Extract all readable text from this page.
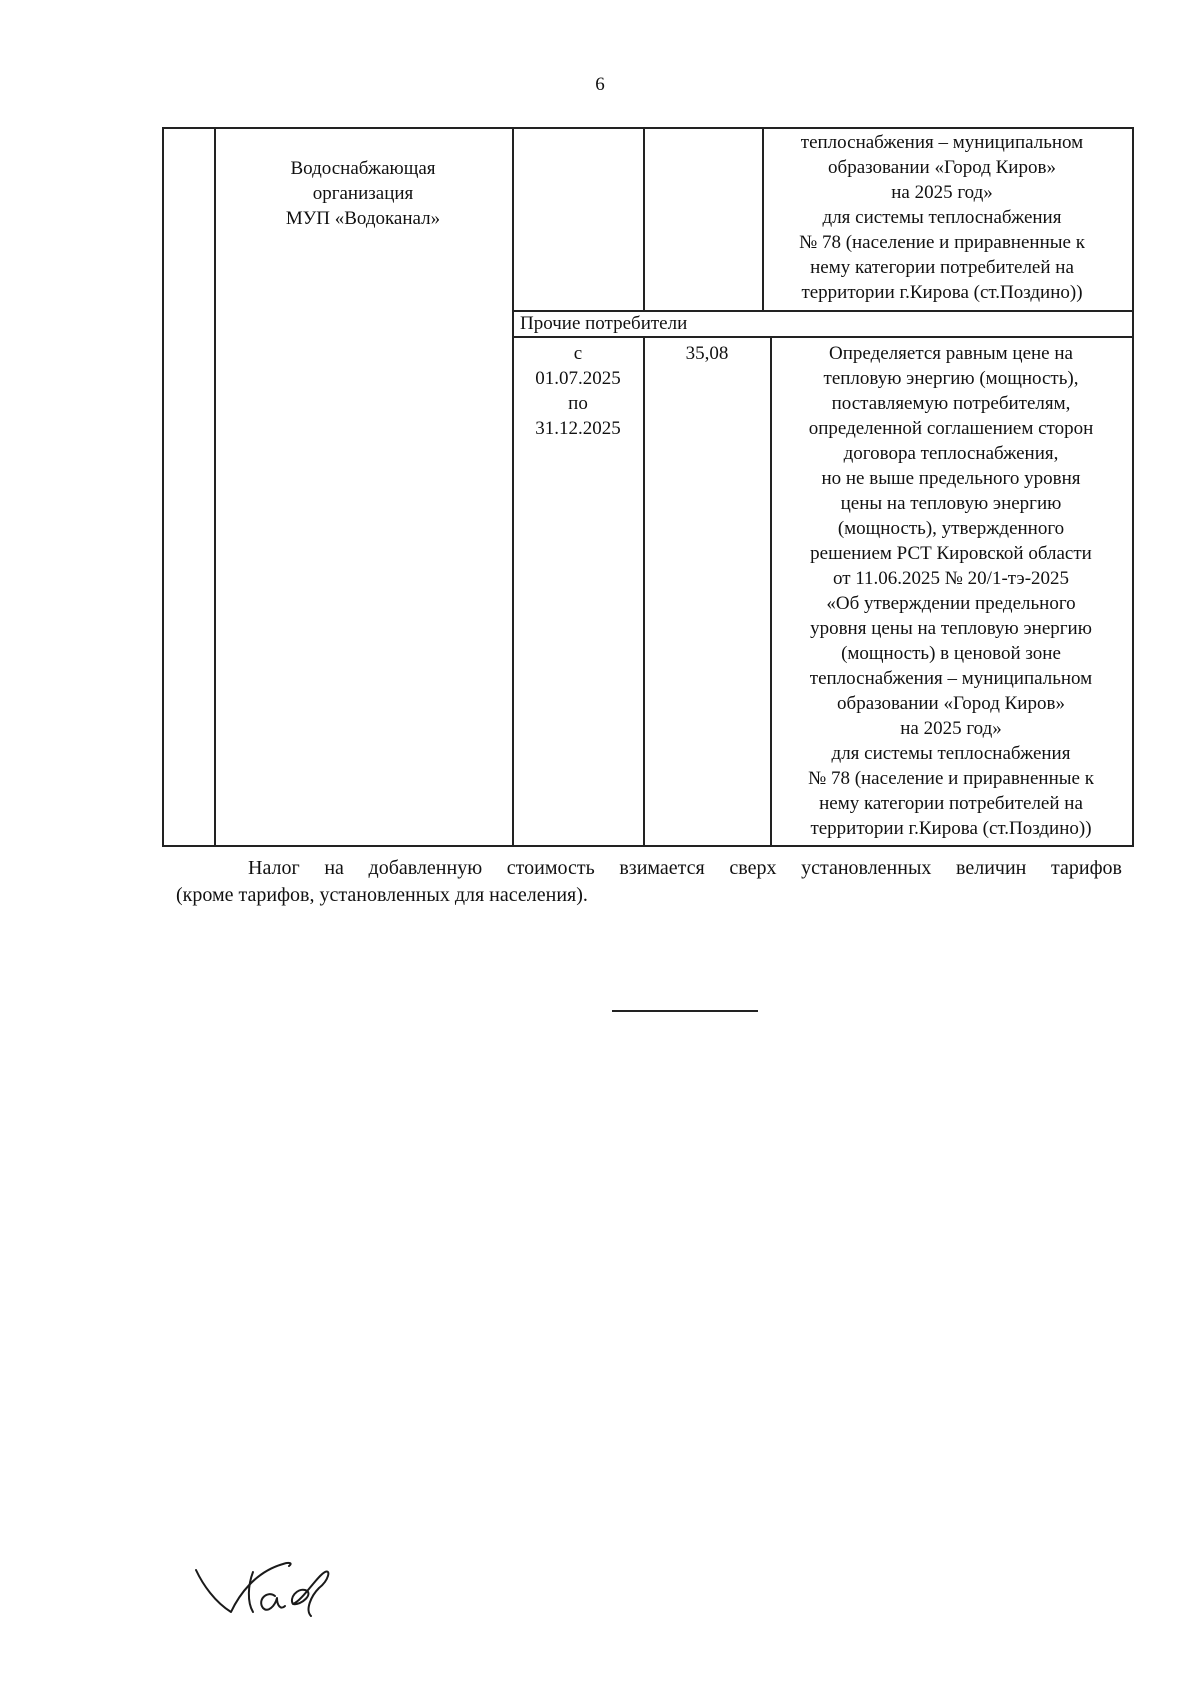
6
Водоснабжающая
организация
МУП «Водоканал»
теплоснабжения – муниципальном
образовании «Город Киров»
на 2025 год»
для системы теплоснабжения
№ 78 (население и приравненные к
нему категории потребителей на
территории г.Кирова (ст.Поздино))
Прочие потребители
с
01.07.2025
по
31.12.2025
35,08	Определяется равным цене на
тепловую энергию (мощность),
поставляемую потребителям,
определенной соглашением сторон
договора теплоснабжения,
но не выше предельного уровня
цены на тепловую энергию
(мощность), утвержденного
решением РСТ Кировской области
от 11.06.2025 № 20/1-тэ-2025
«Об утверждении предельного
уровня цены на тепловую энергию
(мощность) в ценовой зоне
теплоснабжения – муниципальном
образовании «Город Киров»
на 2025 год»
для системы теплоснабжения
№ 78 (население и приравненные к
нему категории потребителей на
территории г.Кирова (ст.Поздино))
Налог на добавленную стоимость взимается сверх установленных величин тарифов
(кроме тарифов, установленных для населения).
